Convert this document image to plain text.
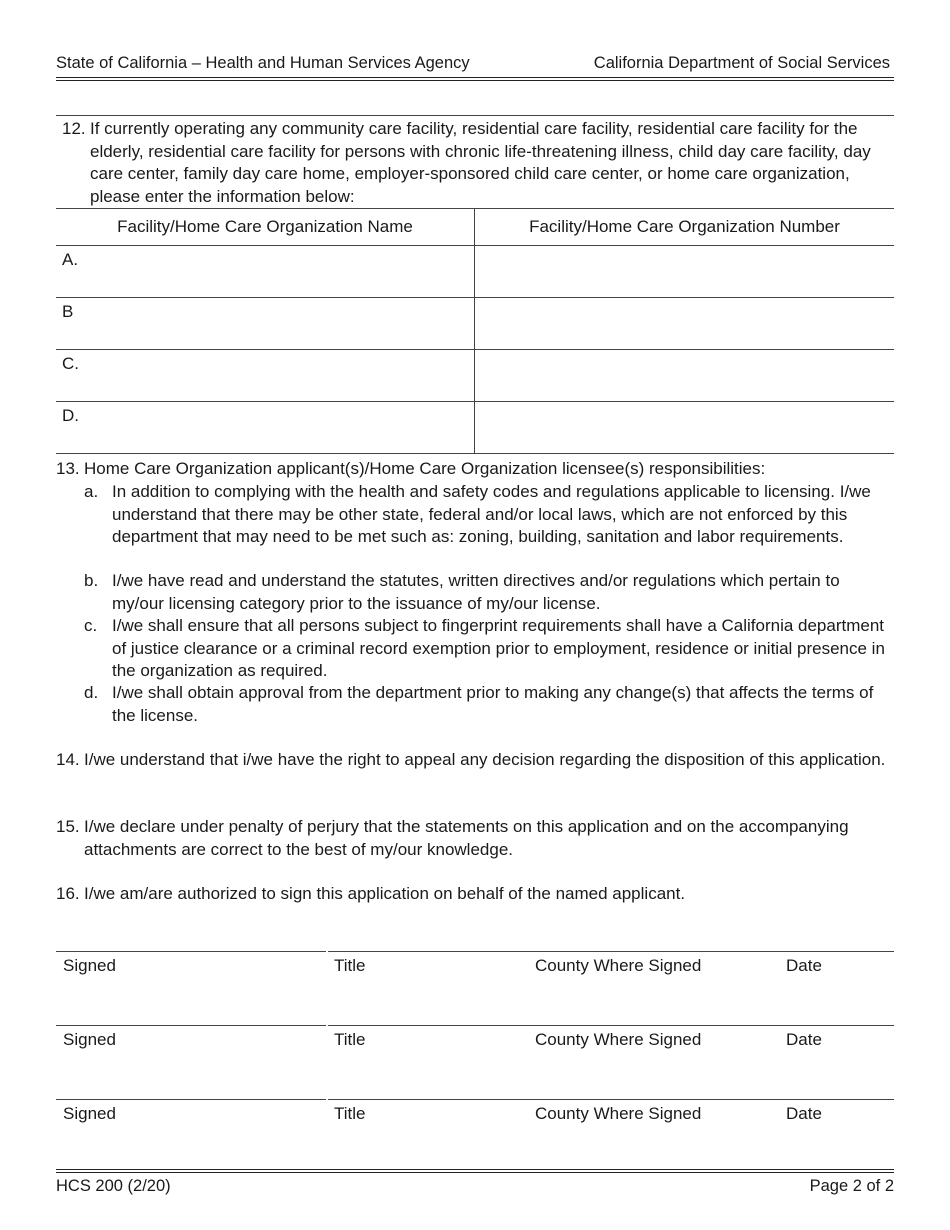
State of California – Health and Human Services Agency	California Department of Social Services
12. If currently operating any community care facility, residential care facility, residential care facility for the elderly, residential care facility for persons with chronic life-threatening illness, child day care facility, day care center, family day care home, employer-sponsored child care center, or home care organization, please enter the information below:
Facility/Home Care Organization Name	Facility/Home Care Organization Number
A.	
B	
C.	
D.	
13. Home Care Organization applicant(s)/Home Care Organization licensee(s) responsibilities:
a. In addition to complying with the health and safety codes and regulations applicable to licensing. I/we understand that there may be other state, federal and/or local laws, which are not enforced by this department that may need to be met such as: zoning, building, sanitation and labor requirements.
b. I/we have read and understand the statutes, written directives and/or regulations which pertain to my/our licensing category prior to the issuance of my/our license.
c. I/we shall ensure that all persons subject to fingerprint requirements shall have a California department of justice clearance or a criminal record exemption prior to employment, residence or initial presence in the organization as required.
d. I/we shall obtain approval from the department prior to making any change(s) that affects the terms of the license.
14. I/we understand that i/we have the right to appeal any decision regarding the disposition of this application.
15. I/we declare under penalty of perjury that the statements on this application and on the accompanying attachments are correct to the best of my/our knowledge.
16. I/we am/are authorized to sign this application on behalf of the named applicant.
Signed	Title	County Where Signed	Date
Signed	Title	County Where Signed	Date
Signed	Title	County Where Signed	Date
HCS 200 (2/20)	Page 2 of 2
